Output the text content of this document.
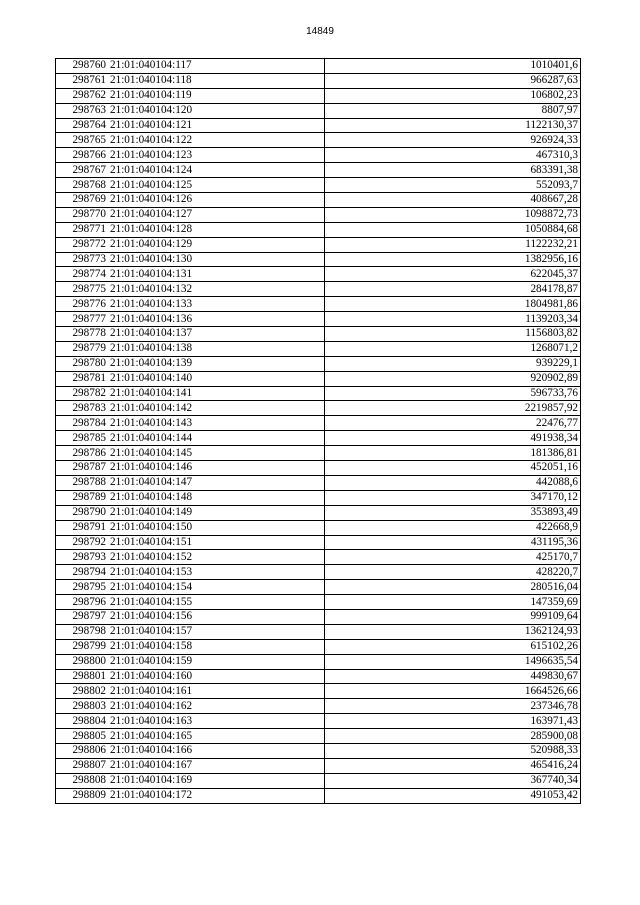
14849
298760	21:01:040104:117	1010401,6
298761	21:01:040104:118	966287,63
298762	21:01:040104:119	106802,23
298763	21:01:040104:120	8807,97
298764	21:01:040104:121	1122130,37
298765	21:01:040104:122	926924,33
298766	21:01:040104:123	467310,3
298767	21:01:040104:124	683391,38
298768	21:01:040104:125	552093,7
298769	21:01:040104:126	408667,28
298770	21:01:040104:127	1098872,73
298771	21:01:040104:128	1050884,68
298772	21:01:040104:129	1122232,21
298773	21:01:040104:130	1382956,16
298774	21:01:040104:131	622045,37
298775	21:01:040104:132	284178,87
298776	21:01:040104:133	1804981,86
298777	21:01:040104:136	1139203,34
298778	21:01:040104:137	1156803,82
298779	21:01:040104:138	1268071,2
298780	21:01:040104:139	939229,1
298781	21:01:040104:140	920902,89
298782	21:01:040104:141	596733,76
298783	21:01:040104:142	2219857,92
298784	21:01:040104:143	22476,77
298785	21:01:040104:144	491938,34
298786	21:01:040104:145	181386,81
298787	21:01:040104:146	452051,16
298788	21:01:040104:147	442088,6
298789	21:01:040104:148	347170,12
298790	21:01:040104:149	353893,49
298791	21:01:040104:150	422668,9
298792	21:01:040104:151	431195,36
298793	21:01:040104:152	425170,7
298794	21:01:040104:153	428220,7
298795	21:01:040104:154	280516,04
298796	21:01:040104:155	147359,69
298797	21:01:040104:156	999109,64
298798	21:01:040104:157	1362124,93
298799	21:01:040104:158	615102,26
298800	21:01:040104:159	1496635,54
298801	21:01:040104:160	449830,67
298802	21:01:040104:161	1664526,66
298803	21:01:040104:162	237346,78
298804	21:01:040104:163	163971,43
298805	21:01:040104:165	285900,08
298806	21:01:040104:166	520988,33
298807	21:01:040104:167	465416,24
298808	21:01:040104:169	367740,34
298809	21:01:040104:172	491053,42
